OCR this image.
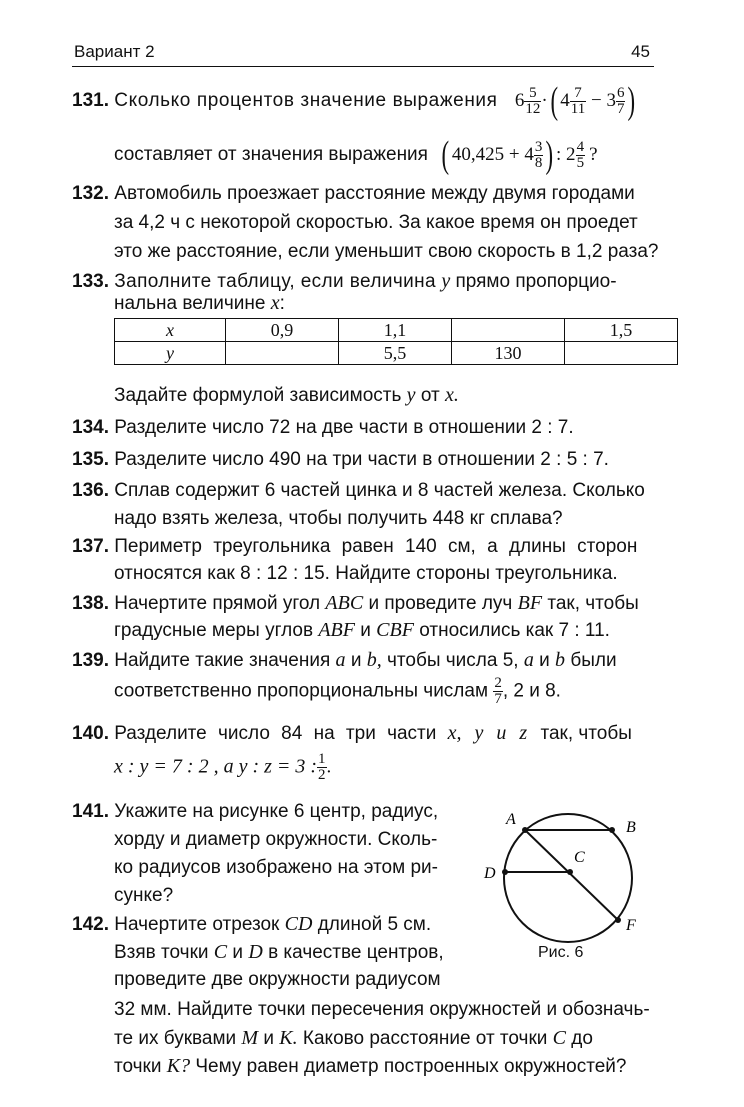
Вариант 2	45
131. Сколько процентов значение выражения $6 \frac{5}{12}$ ·( $4 \frac{7}{11} - 3 \frac{6}{7}$ )
составляет от значения выражения ( $40,425 + 4 \frac{3}{8}$ ) : $2 \frac{4}{5}$ ?
132. Автомобиль проезжает расстояние между двумя городами
за 4,2 ч с некоторой скоростью. За какое время он проедет
это же расстояние, если уменьшит свою скорость в 1,2 раза?
133. Заполните таблицу, если величина y прямо пропорцио-
нальна величине x:
x	0,9	1,1		1,5
y		5,5	130	
Задайте формулой зависимость y от x.
134. Разделите число 72 на две части в отношении 2 : 7.
135. Разделите число 490 на три части в отношении 2 : 5 : 7.
136. Сплав содержит 6 частей цинка и 8 частей железа. Сколько
надо взять железа, чтобы получить 448 кг сплава?
137. Периметр треугольника равен 140 см, а длины сторон
относятся как 8 : 12 : 15. Найдите стороны треугольника.
138. Начертите прямой угол ABC и проведите луч BF так, чтобы
градусные меры углов ABF и CBF относились как 7 : 11.
139. Найдите такие значения a и b, чтобы числа 5, a и b были
соответственно пропорциональны числам $\frac{2}{7}$ , 2 и 8.
140. Разделите число 84 на три части x, y и z так, чтобы
x : y = 7 : 2 , а y : z = 3 : $\frac{1}{2}$ .
141. Укажите на рисунке 6 центр, радиус,
хорду и диаметр окружности. Сколь-
ко радиусов изображено на этом ри-
сунке?
142. Начертите отрезок CD длиной 5 см.
Взяв точки C и D в качестве центров,
проведите две окружности радиусом
32 мм. Найдите точки пересечения окружностей и обозначь-
те их буквами M и K. Каково расстояние от точки C до
точки K? Чему равен диаметр построенных окружностей?
A	B
C
D
F
Рис. 6
